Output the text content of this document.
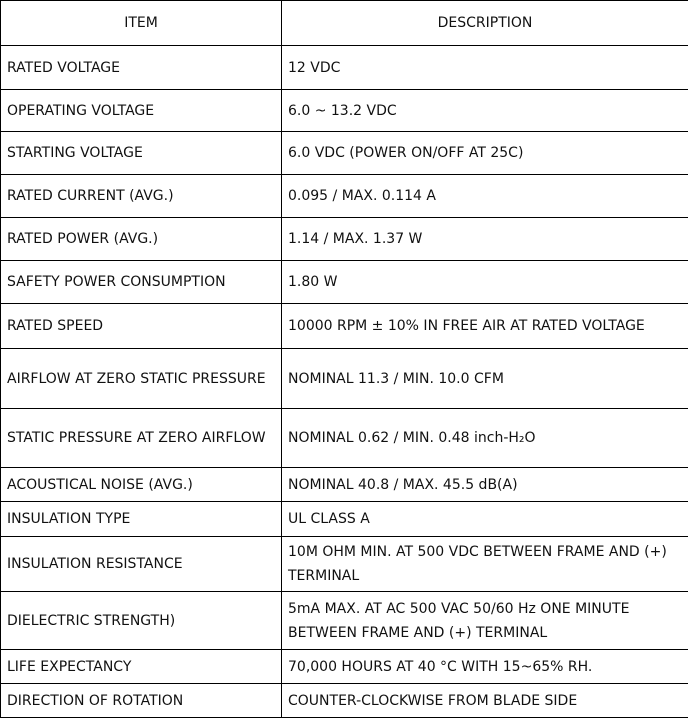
ITEM	DESCRIPTION
RATED VOLTAGE	12 VDC
OPERATING VOLTAGE	6.0 ~ 13.2 VDC
STARTING VOLTAGE	6.0 VDC (POWER ON/OFF AT 25C)
RATED CURRENT (AVG.)	0.095 / MAX. 0.114 A
RATED POWER (AVG.)	1.14 / MAX. 1.37 W
SAFETY POWER CONSUMPTION	1.80 W
RATED SPEED	10000 RPM ± 10% IN FREE AIR AT RATED VOLTAGE
AIRFLOW AT ZERO STATIC PRESSURE	NOMINAL 11.3 / MIN. 10.0 CFM
STATIC PRESSURE AT ZERO AIRFLOW	NOMINAL 0.62 / MIN. 0.48 inch-H₂O
ACOUSTICAL NOISE (AVG.)	NOMINAL 40.8 / MAX. 45.5 dB(A)
INSULATION TYPE	UL CLASS A
INSULATION RESISTANCE	10M OHM MIN. AT 500 VDC BETWEEN FRAME AND (+) TERMINAL
DIELECTRIC STRENGTH)	5mA MAX. AT AC 500 VAC 50/60 Hz ONE MINUTE BETWEEN FRAME AND (+) TERMINAL
LIFE EXPECTANCY	70,000 HOURS AT 40 °C WITH 15~65% RH.
DIRECTION OF ROTATION	COUNTER-CLOCKWISE FROM BLADE SIDE
